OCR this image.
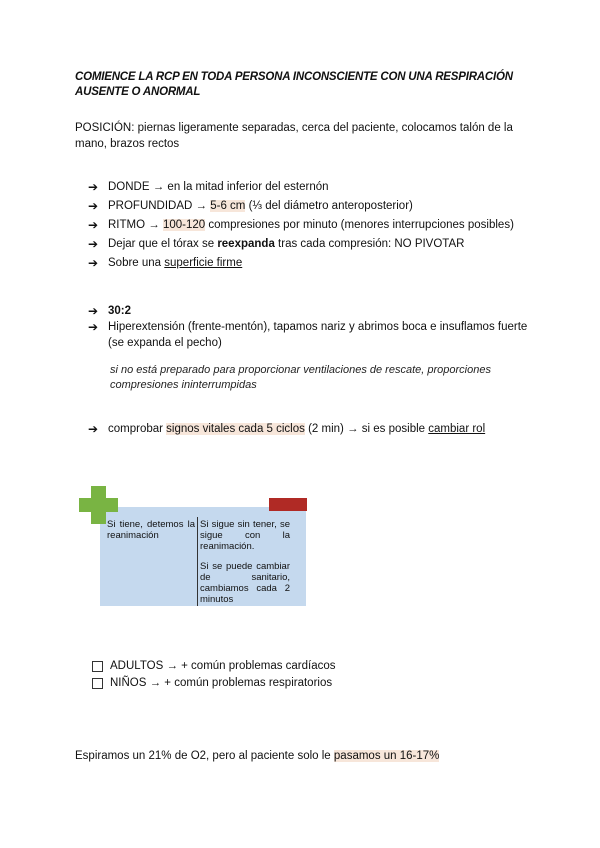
COMIENCE LA RCP EN TODA PERSONA INCONSCIENTE CON UNA RESPIRACIÓN AUSENTE O ANORMAL
POSICIÓN: piernas ligeramente separadas, cerca del paciente, colocamos talón de la mano, brazos rectos
➔ DONDE → en la mitad inferior del esternón
➔ PROFUNDIDAD → 5-6 cm (⅓ del diámetro anteroposterior)
➔ RITMO → 100-120 compresiones por minuto (menores interrupciones posibles)
➔ Dejar que el tórax se reexpanda tras cada compresión: NO PIVOTAR
➔ Sobre una superficie firme
➔ 30:2
➔ Hiperextensión (frente-mentón), tapamos nariz y abrimos boca e insuflamos fuerte (se expanda el pecho)
si no está preparado para proporcionar ventilaciones de rescate, proporciones compresiones ininterrumpidas
➔ comprobar signos vitales cada 5 ciclos (2 min) → si es posible cambiar rol
Si tiene, detemos la reanimación
Si sigue sin tener, se sigue con la reanimación.
Si se puede cambiar de sanitario, cambiamos cada 2 minutos
ADULTOS → + común problemas cardíacos
NIÑOS → + común problemas respiratorios
Espiramos un 21% de O2, pero al paciente solo le pasamos un 16-17%
